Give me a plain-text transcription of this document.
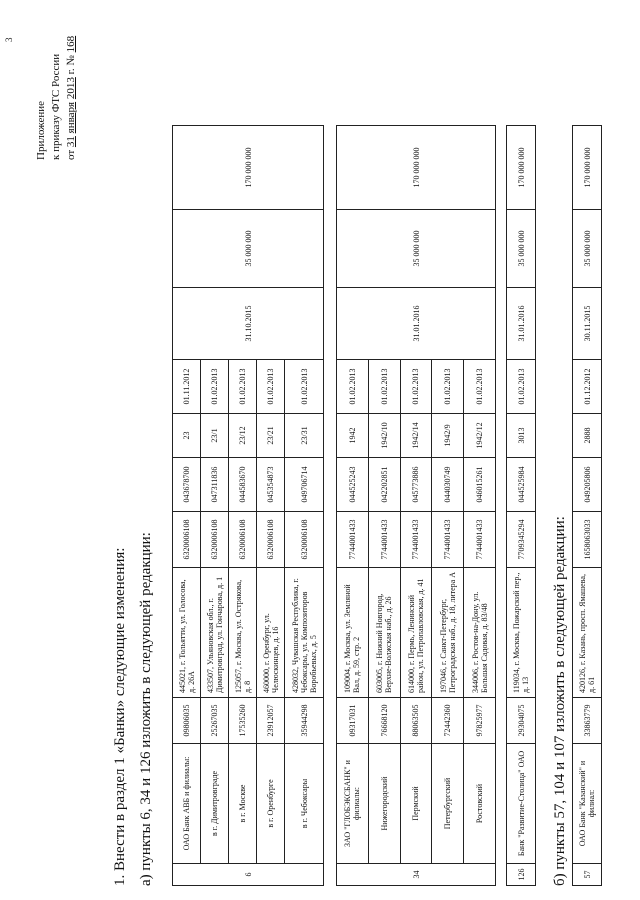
3
Приложение к приказу ФТС России от 31 января 2013 г. № 168
1. Внести в раздел 1 «Банки» следующие изменения: а) пункты 6, 34 и 126 изложить в следующей редакции:	б) пункты 57, 104 и 107 изложить в следующей редакции:
6	ОАО Банк АВБ и филиалы:	09806035	445021, г. Тольятти, ул. Голосова, д. 26А	6320006108	043678700	23	01.11.2012	31.10.2015	35 000 000	170 000 000
	в г. Димитровграде	25267035	433507, Ульяновская обл., г. Димитровград, ул. Гончарова, д. 1	6320006108	047311836	23/1	01.02.2013			
	в г. Москве	17535260	125057, г. Москва, ул. Острякова, д. 8	6320006108	044583670	23/12	01.02.2013			
	в г. Оренбурге	23912057	460000, г. Оренбург, ул. Челюскинцев, д. 16	6320006108	045354873	23/21	01.02.2013			
	в г. Чебоксары	35944298	428032, Чувашская Республика, г. Чебоксары, ул. Композиторов Воробьевых, д. 5	6320006108	049706714	23/31	01.02.2013			
34	ЗАО "ГЛОБЭКСБАНК" и филиалы:	09317031	109004, г. Москва, ул. Земляной Вал, д. 59, стр. 2	7744001433	044525243	1942	01.02.2013	31.01.2016	35 000 000	170 000 000
	Нижегородский	76668120	603005, г. Нижний Новгород, Верхне-Волжская наб., д. 26	7744001433	042202851	1942/10	01.02.2013			
	Пермский	88063505	614000, г. Пермь, Ленинский район, ул. Петропавловская, д. 41	7744001433	045773886	1942/14	01.02.2013			
	Петербургский	72442360	197046, г. Санкт-Петербург, Петроградская наб., д. 18, литера А	7744001433	044030749	1942/9	01.02.2013			
	Ростовский	97825977	344006, г. Ростов-на-Дону, ул. Большая Садовая, д. 83/48	7744001433	046015261	1942/12	01.02.2013			
126	Банк "Развитие-Столица" ОАО	29304075	119034, г. Москва, Пожарский пер., д. 13	7709345294	044525984	3013	01.02.2013	31.01.2016	35 000 000	170 000 000
57	ОАО Банк "Казанский" и филиал:	33863779	420126, г. Казань, просп. Ямашева, д. 61	1658063033	049205806	2888	01.12.2012	30.11.2015	35 000 000	170 000 000
